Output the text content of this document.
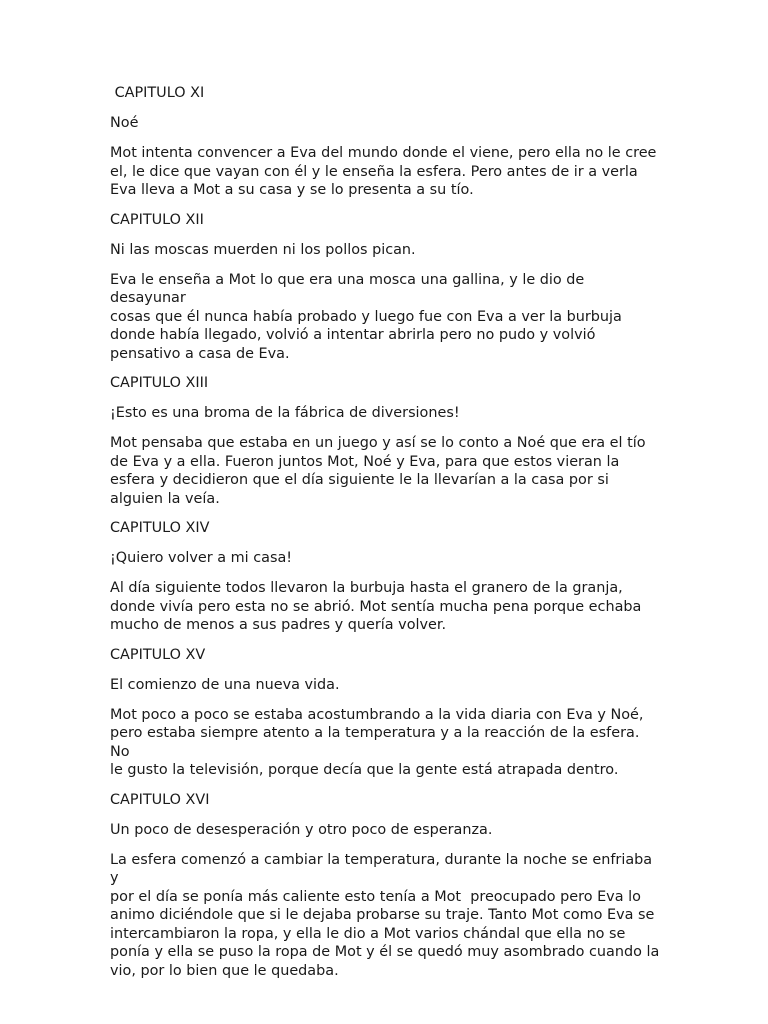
CAPITULO XI

Noé

Mot intenta convencer a Eva del mundo donde el viene, pero ella no le cree
el, le dice que vayan con él y le enseña la esfera. Pero antes de ir a verla
Eva lleva a Mot a su casa y se lo presenta a su tío.

CAPITULO XII

Ni las moscas muerden ni los pollos pican.

Eva le enseña a Mot lo que era una mosca una gallina, y le dio de desayunar
cosas que él nunca había probado y luego fue con Eva a ver la burbuja
donde había llegado, volvió a intentar abrirla pero no pudo y volvió
pensativo a casa de Eva.

CAPITULO XIII

¡Esto es una broma de la fábrica de diversiones!

Mot pensaba que estaba en un juego y así se lo conto a Noé que era el tío
de Eva y a ella. Fueron juntos Mot, Noé y Eva, para que estos vieran la
esfera y decidieron que el día siguiente le la llevarían a la casa por si
alguien la veía.

CAPITULO XIV

¡Quiero volver a mi casa!

Al día siguiente todos llevaron la burbuja hasta el granero de la granja,
donde vivía pero esta no se abrió. Mot sentía mucha pena porque echaba
mucho de menos a sus padres y quería volver.

CAPITULO XV

El comienzo de una nueva vida.

Mot poco a poco se estaba acostumbrando a la vida diaria con Eva y Noé,
pero estaba siempre atento a la temperatura y a la reacción de la esfera. No
le gusto la televisión, porque decía que la gente está atrapada dentro.

CAPITULO XVI

Un poco de desesperación y otro poco de esperanza.

La esfera comenzó a cambiar la temperatura, durante la noche se enfriaba y
por el día se ponía más caliente esto tenía a Mot  preocupado pero Eva lo
animo diciéndole que si le dejaba probarse su traje. Tanto Mot como Eva se
intercambiaron la ropa, y ella le dio a Mot varios chándal que ella no se
ponía y ella se puso la ropa de Mot y él se quedó muy asombrado cuando la
vio, por lo bien que le quedaba.
